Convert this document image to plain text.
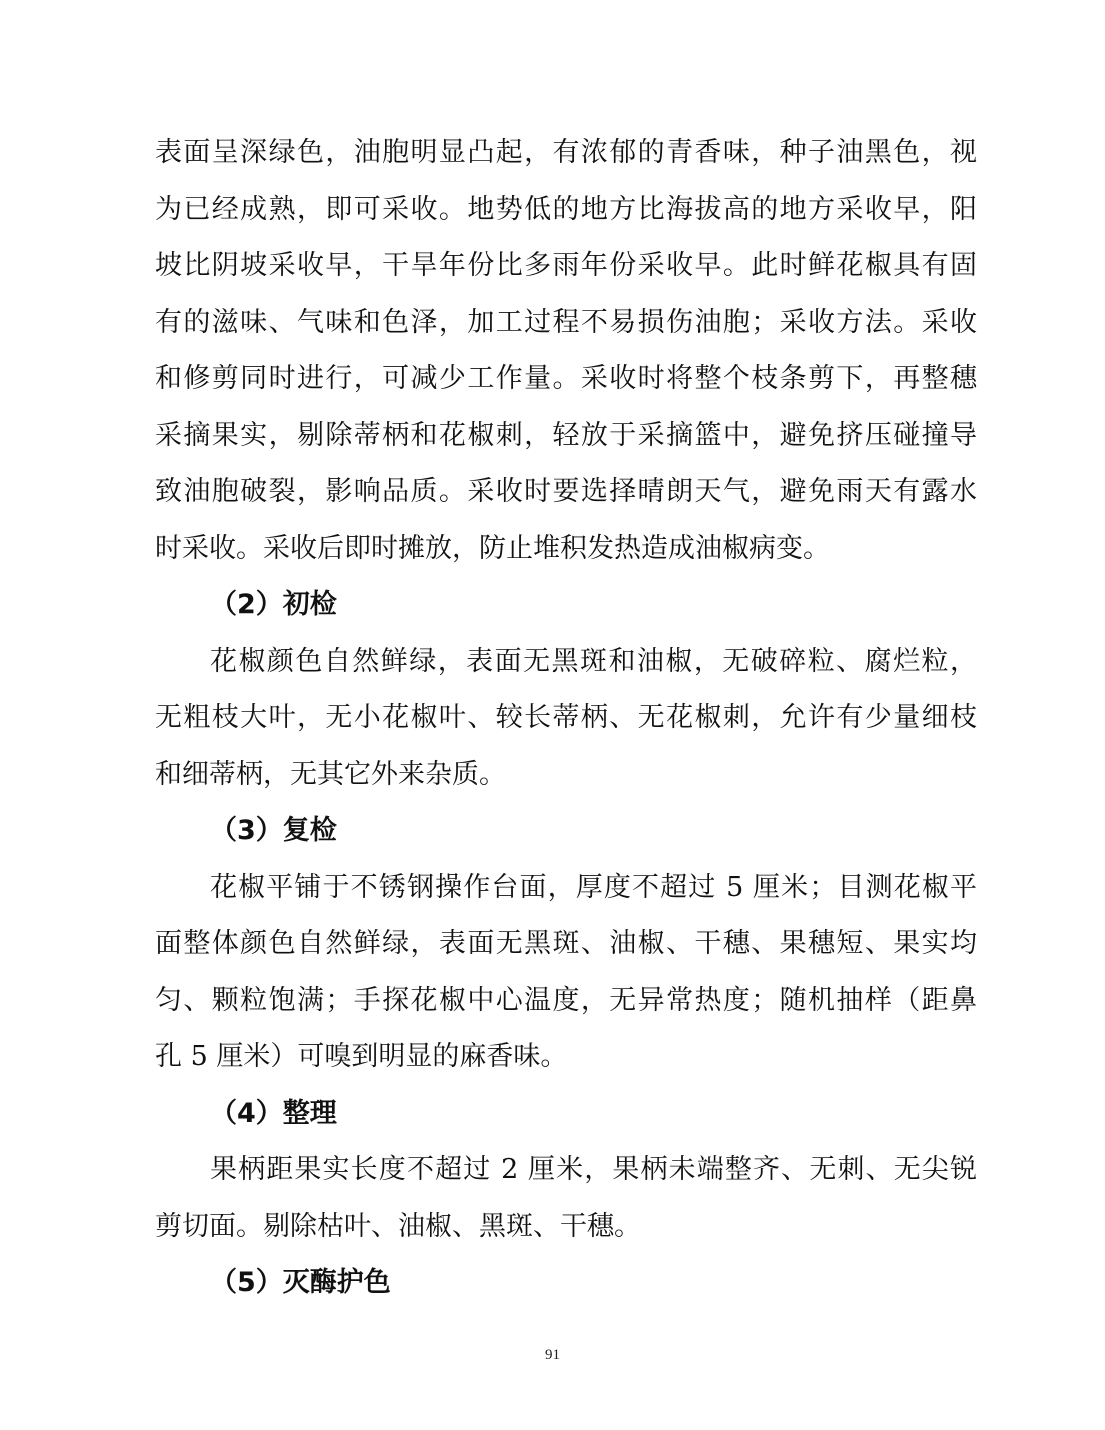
表面呈深绿色，油胞明显凸起，有浓郁的青香味，种子油黑色，视
为已经成熟，即可采收。地势低的地方比海拔高的地方采收早，阳
坡比阴坡采收早，干旱年份比多雨年份采收早。此时鲜花椒具有固
有的滋味、气味和色泽，加工过程不易损伤油胞；采收方法。采收
和修剪同时进行，可减少工作量。采收时将整个枝条剪下，再整穗
采摘果实，剔除蒂柄和花椒刺，轻放于采摘篮中，避免挤压碰撞导
致油胞破裂，影响品质。采收时要选择晴朗天气，避免雨天有露水
时采收。采收后即时摊放，防止堆积发热造成油椒病变。
（2）初检
花椒颜色自然鲜绿，表面无黑斑和油椒，无破碎粒、腐烂粒，
无粗枝大叶，无小花椒叶、较长蒂柄、无花椒刺，允许有少量细枝
和细蒂柄，无其它外来杂质。
（3）复检
花椒平铺于不锈钢操作台面，厚度不超过 5 厘米；目测花椒平
面整体颜色自然鲜绿，表面无黑斑、油椒、干穗、果穗短、果实均
匀、颗粒饱满；手探花椒中心温度，无异常热度；随机抽样（距鼻
孔 5 厘米）可嗅到明显的麻香味。
（4）整理
果柄距果实长度不超过 2 厘米，果柄未端整齐、无刺、无尖锐
剪切面。剔除枯叶、油椒、黑斑、干穗。
（5）灭酶护色
91
